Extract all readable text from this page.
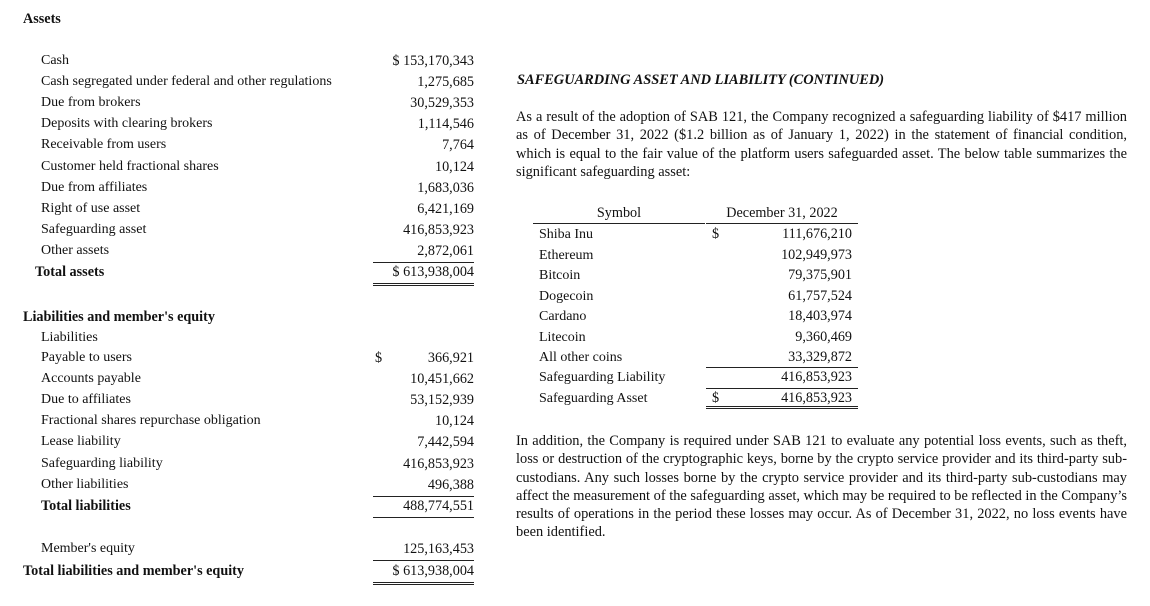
Assets
Cash	$ 153,170,343
Cash segregated under federal and other regulations	1,275,685
Due from brokers	30,529,353
Deposits with clearing brokers	1,114,546
Receivable from users	7,764
Customer held fractional shares	10,124
Due from affiliates	1,683,036
Right of use asset	6,421,169
Safeguarding asset	416,853,923
Other assets	2,872,061
Total assets	$ 613,938,004
Liabilities and member's equity
Liabilities
Payable to users	$	366,921
Accounts payable	10,451,662
Due to affiliates	53,152,939
Fractional shares repurchase obligation	10,124
Lease liability	7,442,594
Safeguarding liability	416,853,923
Other liabilities	496,388
Total liabilities	488,774,551
Member's equity	125,163,453
Total liabilities and member's equity	$ 613,938,004
SAFEGUARDING ASSET AND LIABILITY (CONTINUED)
As a result of the adoption of SAB 121, the Company recognized a safeguarding liability of $417 million as of December 31, 2022 ($1.2 billion as of January 1, 2022) in the statement of financial condition, which is equal to the fair value of the platform users safeguarded asset. The below table summarizes the significant safeguarding asset:
Symbol	December 31, 2022
Shiba Inu	$	111,676,210
Ethereum	102,949,973
Bitcoin	79,375,901
Dogecoin	61,757,524
Cardano	18,403,974
Litecoin	9,360,469
All other coins	33,329,872
Safeguarding Liability	416,853,923
Safeguarding Asset	$	416,853,923
In addition, the Company is required under SAB 121 to evaluate any potential loss events, such as theft, loss or destruction of the cryptographic keys, borne by the crypto service provider and its third-party sub-custodians. Any such losses borne by the crypto service provider and its third-party sub-custodians may affect the measurement of the safeguarding asset, which may be required to be reflected in the Company’s results of operations in the period these losses may occur. As of December 31, 2022, no loss events have been identified.
